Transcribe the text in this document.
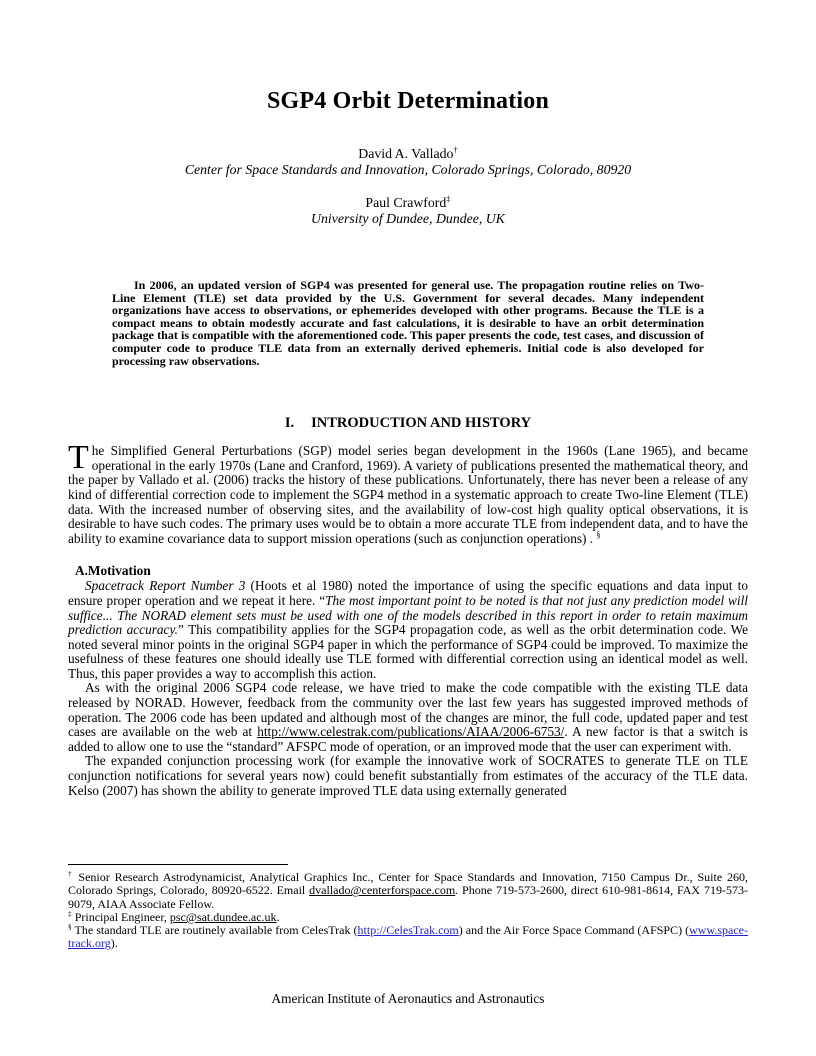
SGP4 Orbit Determination
David A. Vallado†
Center for Space Standards and Innovation, Colorado Springs, Colorado, 80920
Paul Crawford‡
University of Dundee, Dundee, UK

In 2006, an updated version of SGP4 was presented for general use. The propagation routine relies on Two-Line Element (TLE) set data provided by the U.S. Government for several decades. Many independent organizations have access to observations, or ephemerides developed with other programs. Because the TLE is a compact means to obtain modestly accurate and fast calculations, it is desirable to have an orbit determination package that is compatible with the aforementioned code. This paper presents the code, test cases, and discussion of computer code to produce TLE data from an externally derived ephemeris. Initial code is also developed for processing raw observations.

I. INTRODUCTION AND HISTORY

The Simplified General Perturbations (SGP) model series began development in the 1960s (Lane 1965), and became operational in the early 1970s (Lane and Cranford, 1969). A variety of publications presented the mathematical theory, and the paper by Vallado et al. (2006) tracks the history of these publications. Unfortunately, there has never been a release of any kind of differential correction code to implement the SGP4 method in a systematic approach to create Two-line Element (TLE) data. With the increased number of observing sites, and the availability of low-cost high quality optical observations, it is desirable to have such codes. The primary uses would be to obtain a more accurate TLE from independent data, and to have the ability to examine covariance data to support mission operations (such as conjunction operations) . §

A.Motivation

Spacetrack Report Number 3 (Hoots et al 1980) noted the importance of using the specific equations and data input to ensure proper operation and we repeat it here. “The most important point to be noted is that not just any prediction model will suffice... The NORAD element sets must be used with one of the models described in this report in order to retain maximum prediction accuracy.” This compatibility applies for the SGP4 propagation code, as well as the orbit determination code. We noted several minor points in the original SGP4 paper in which the performance of SGP4 could be improved. To maximize the usefulness of these features one should ideally use TLE formed with differential correction using an identical model as well. Thus, this paper provides a way to accomplish this action.

As with the original 2006 SGP4 code release, we have tried to make the code compatible with the existing TLE data released by NORAD. However, feedback from the community over the last few years has suggested improved methods of operation. The 2006 code has been updated and although most of the changes are minor, the full code, updated paper and test cases are available on the web at http://www.celestrak.com/publications/AIAA/2006-6753/. A new factor is that a switch is added to allow one to use the “standard” AFSPC mode of operation, or an improved mode that the user can experiment with.

The expanded conjunction processing work (for example the innovative work of SOCRATES to generate TLE on TLE conjunction notifications for several years now) could benefit substantially from estimates of the accuracy of the TLE data. Kelso (2007) has shown the ability to generate improved TLE data using externally generated

† Senior Research Astrodynamicist, Analytical Graphics Inc., Center for Space Standards and Innovation, 7150 Campus Dr., Suite 260, Colorado Springs, Colorado, 80920-6522. Email dvallado@centerforspace.com. Phone 719-573-2600, direct 610-981-8614, FAX 719-573-9079, AIAA Associate Fellow.

‡ Principal Engineer, psc@sat.dundee.ac.uk.

§ The standard TLE are routinely available from CelesTrak (http://CelesTrak.com) and the Air Force Space Command (AFSPC) (www.space-track.org).

American Institute of Aeronautics and Astronautics
